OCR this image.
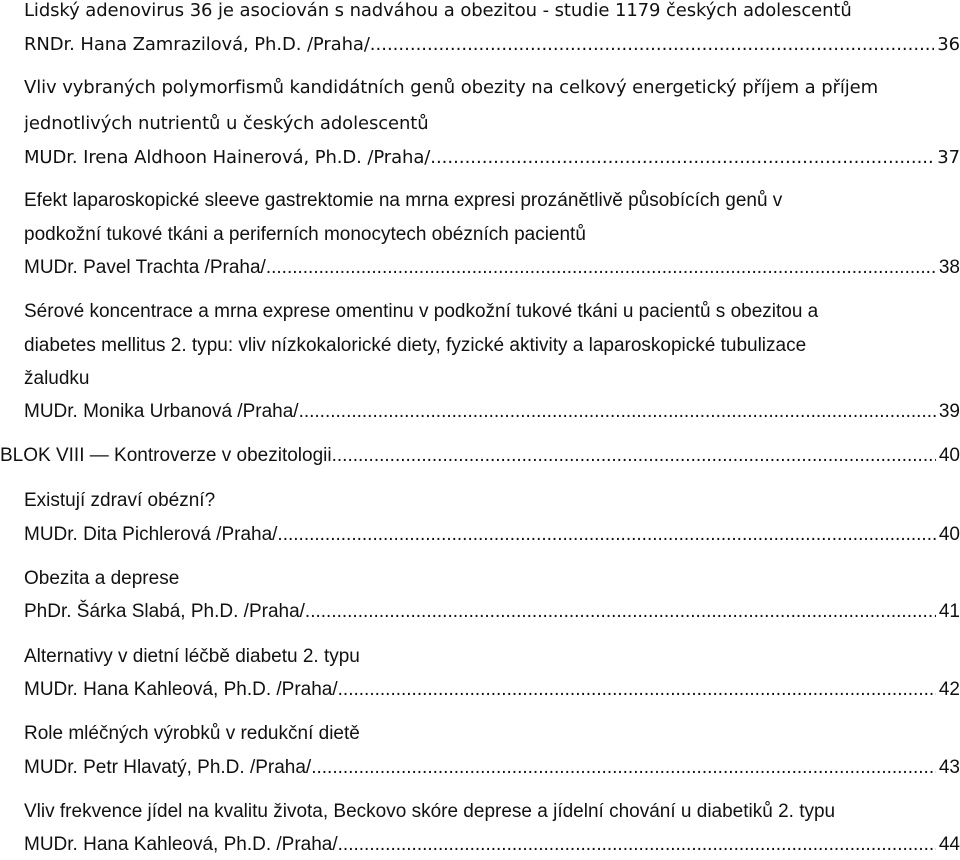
Lidský adenovirus 36 je asociován s nadváhou a obezitou - studie 1179 českých adolescentů
RNDr. Hana Zamrazilová, Ph.D. /Praha/ .....	36
Vliv vybraných polymorfismů kandidátních genů obezity na celkový energetický příjem a příjem
jednotlivých nutrientů u českých adolescentů
MUDr. Irena Aldhoon Hainerová, Ph.D. /Praha/ .....	37
Efekt laparoskopické sleeve gastrektomie na mrna expresi prozánětlivě působících genů v
podkožní tukové tkáni a periferních monocytech obézních pacientů
MUDr. Pavel Trachta /Praha/ .....	38
Sérové koncentrace a mrna exprese omentinu v podkožní tukové tkáni u pacientů s obezitou a
diabetes mellitus 2. typu: vliv nízkokalorické diety, fyzické aktivity a laparoskopické tubulizace
žaludku
MUDr. Monika Urbanová /Praha/ .....	39
BLOK VIII — Kontroverze v obezitologii .....	40
Existují zdraví obézní?
MUDr. Dita Pichlerová /Praha/ .....	40
Obezita a deprese
PhDr. Šárka Slabá, Ph.D. /Praha/ .....	41
Alternativy v dietní léčbě diabetu 2. typu
MUDr. Hana Kahleová, Ph.D. /Praha/ .....	42
Role mléčných výrobků v redukční dietě
MUDr. Petr Hlavatý, Ph.D. /Praha/ .....	43
Vliv frekvence jídel na kvalitu života, Beckovo skóre deprese a jídelní chování u diabetiků 2. typu
MUDr. Hana Kahleová, Ph.D. /Praha/ .....	44
